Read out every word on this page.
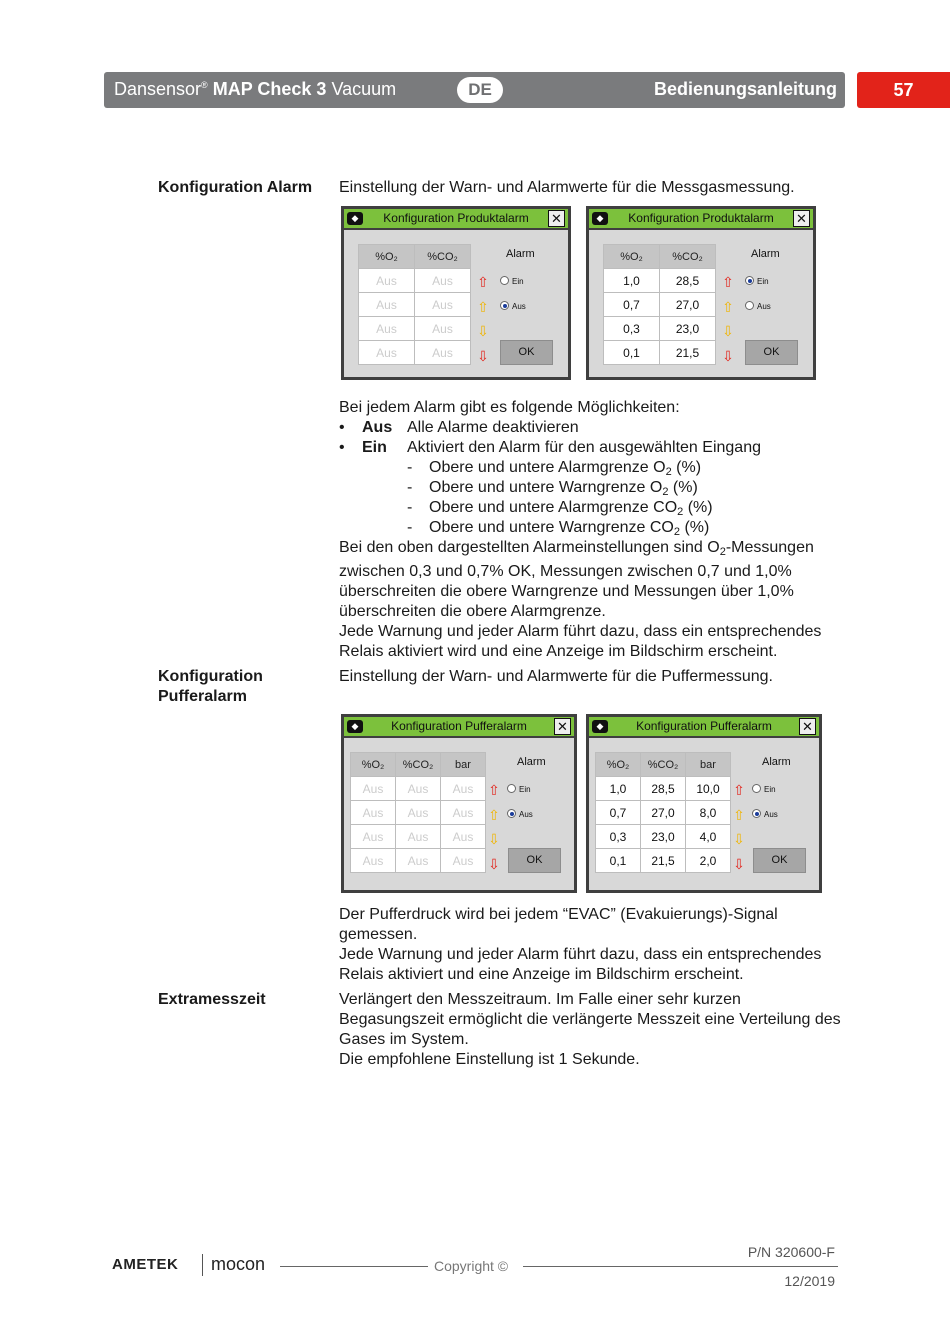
Dansensor® MAP Check 3 Vacuum	DE	Bedienungsanleitung	57
Konfiguration Alarm Einstellung der Warn- und Alarmwerte für die Messgasmessung.
◆	Konfiguration Produktalarm	✕
%O₂	%CO₂
Aus	Aus
Aus	Aus
Aus	Aus
Aus	Aus
⇧
⇧
⇩
⇩
Alarm
Ein
Aus
OK
◆	Konfiguration Produktalarm	✕
%O₂	%CO₂
1,0	28,5
0,7	27,0
0,3	23,0
0,1	21,5
⇧
⇧
⇩
⇩
Alarm
Ein
Aus
OK

Bei jedem Alarm gibt es folgende Möglichkeiten:

• Aus Alle Alarme deaktivieren
• Ein Aktiviert den Alarm für den ausgewählten Eingang
- Obere und untere Alarmgrenze $O_2$ (%)
- Obere und untere Warngrenze $O_2$ (%)
- Obere und untere Alarmgrenze $CO_2$ (%)
- Obere und untere Warngrenze $CO_2$ (%)

Bei den oben dargestellten Alarmeinstellungen sind $O_2$-Messungen zwischen 0,3 und 0,7% OK, Messungen zwischen 0,7 und 1,0% überschreiten die obere Warngrenze und Messungen über 1,0% überschreiten die obere Alarmgrenze.

Jede Warnung und jeder Alarm führt dazu, dass ein entsprechendes Relais aktiviert wird und eine Anzeige im Bildschirm erscheint.

Konfiguration
Pufferalarm
Einstellung der Warn- und Alarmwerte für die Puffermessung.
◆	Konfiguration Pufferalarm	✕
%O₂	%CO₂	bar
Aus	Aus	Aus
Aus	Aus	Aus
Aus	Aus	Aus
Aus	Aus	Aus
⇧
⇧
⇩
⇩
Alarm
Ein
Aus
OK
◆	Konfiguration Pufferalarm	✕
%O₂	%CO₂	bar
1,0	28,5	10,0
0,7	27,0	8,0
0,3	23,0	4,0
0,1	21,5	2,0
⇧
⇧
⇩
⇩
Alarm
Ein
Aus
OK

Der Pufferdruck wird bei jedem “EVAC” (Evakuierungs)-Signal gemessen.

Jede Warnung und jeder Alarm führt dazu, dass ein entsprechendes Relais aktiviert und eine Anzeige im Bildschirm erscheint.

Extramesszeit	Verlängert den Messzeitraum. Im Falle einer sehr kurzen Begasungszeit ermöglicht die verlängerte Messzeit eine Verteilung des Gases im System.

Die empfohlene Einstellung ist 1 Sekunde.

AMETEK mocon	Copyright ©
P/N 320600-F
12/2019
